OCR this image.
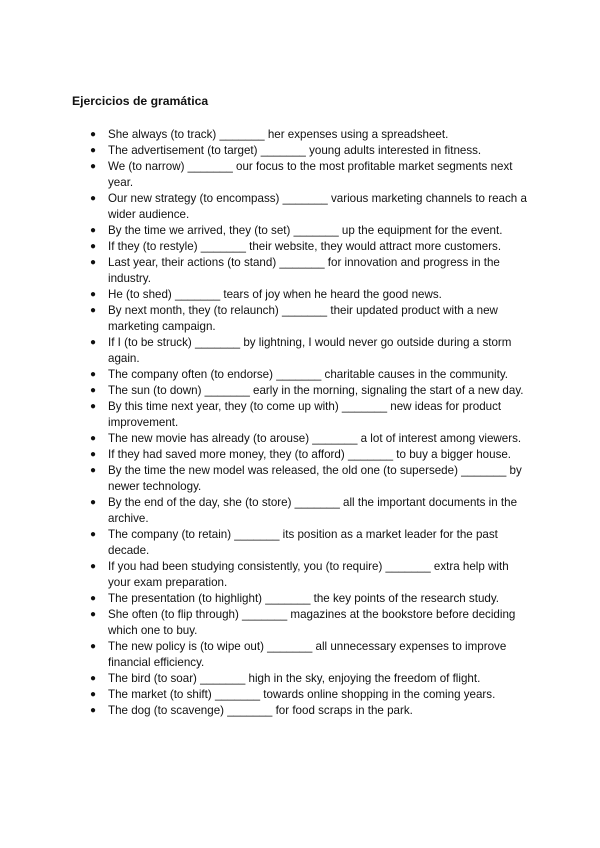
Ejercicios de gramática
● She always (to track) _______ her expenses using a spreadsheet.
● The advertisement (to target) _______ young adults interested in fitness.
● We (to narrow) _______ our focus to the most profitable market segments next year.
● Our new strategy (to encompass) _______ various marketing channels to reach a wider audience.
● By the time we arrived, they (to set) _______ up the equipment for the event.
● If they (to restyle) _______ their website, they would attract more customers.
● Last year, their actions (to stand) _______ for innovation and progress in the industry.
● He (to shed) _______ tears of joy when he heard the good news.
● By next month, they (to relaunch) _______ their updated product with a new marketing campaign.
● If I (to be struck) _______ by lightning, I would never go outside during a storm again.
● The company often (to endorse) _______ charitable causes in the community.
● The sun (to down) _______ early in the morning, signaling the start of a new day.
● By this time next year, they (to come up with) _______ new ideas for product improvement.
● The new movie has already (to arouse) _______ a lot of interest among viewers.
● If they had saved more money, they (to afford) _______ to buy a bigger house.
● By the time the new model was released, the old one (to supersede) _______ by newer technology.
● By the end of the day, she (to store) _______ all the important documents in the archive.
● The company (to retain) _______ its position as a market leader for the past decade.
● If you had been studying consistently, you (to require) _______ extra help with your exam preparation.
● The presentation (to highlight) _______ the key points of the research study.
● She often (to flip through) _______ magazines at the bookstore before deciding which one to buy.
● The new policy is (to wipe out) _______ all unnecessary expenses to improve financial efficiency.
● The bird (to soar) _______ high in the sky, enjoying the freedom of flight.
● The market (to shift) _______ towards online shopping in the coming years.
● The dog (to scavenge) _______ for food scraps in the park.
